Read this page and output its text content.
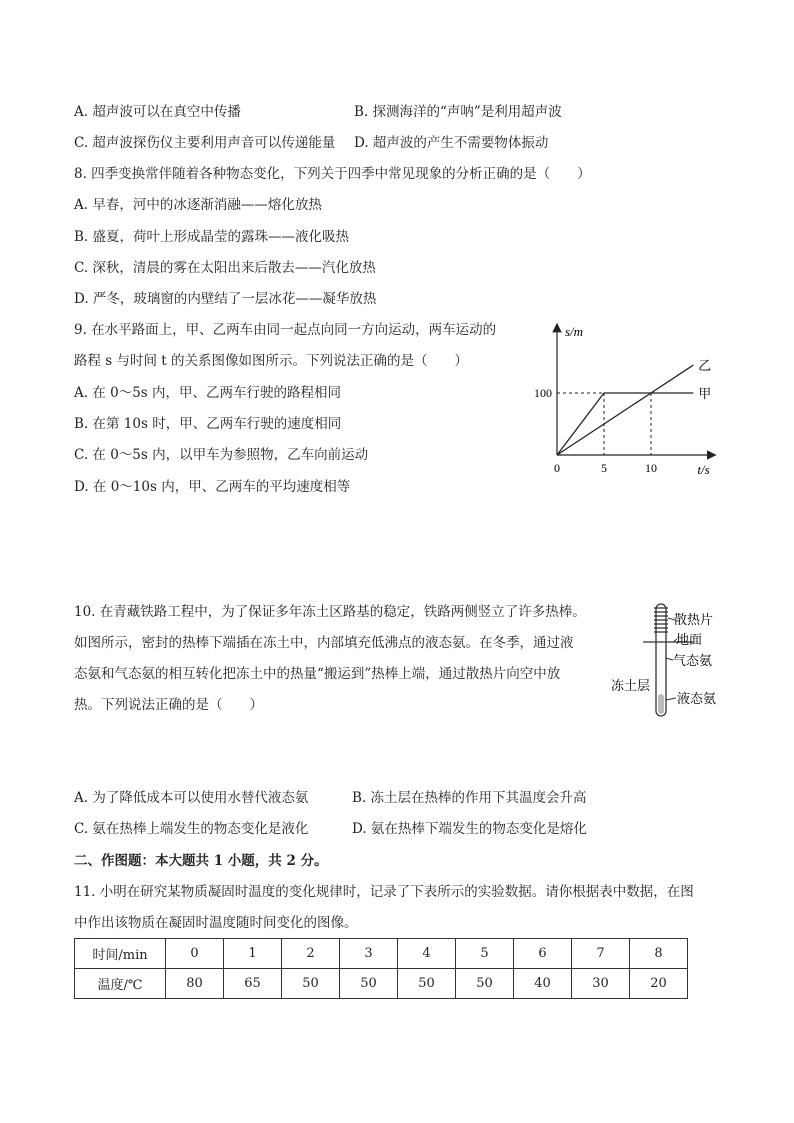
A. 超声波可以在真空中传播	B. 探测海洋的“声呐”是利用超声波
C. 超声波探伤仪主要利用声音可以传递能量 D. 超声波的产生不需要物体振动
8. 四季变换常伴随着各种物态变化，下列关于四季中常见现象的分析正确的是（　　）
A. 早春，河中的冰逐渐消融——熔化放热
B. 盛夏，荷叶上形成晶莹的露珠——液化吸热
C. 深秋，清晨的雾在太阳出来后散去——汽化放热
D. 严冬，玻璃窗的内壁结了一层冰花——凝华放热
9. 在水平路面上，甲、乙两车由同一起点向同一方向运动，两车运动的
路程 s 与时间 t 的关系图像如图所示。下列说法正确的是（　　）
A. 在 0～5s 内，甲、乙两车行驶的路程相同
B. 在第 10s 时，甲、乙两车行驶的速度相同
C. 在 0～5s 内，以甲车为参照物，乙车向前运动
D. 在 0～10s 内，甲、乙两车的平均速度相等
s/m
t/s
0	5	10
100	甲
乙
10. 在青藏铁路工程中，为了保证多年冻土区路基的稳定，铁路两侧竖立了许多热棒。
如图所示，密封的热棒下端插在冻土中，内部填充低沸点的液态氨。在冬季，通过液
态氨和气态氨的相互转化把冻土中的热量“搬运到”热棒上端，通过散热片向空中放
热。下列说法正确的是（　　）
散热片
地面
气态氨
冻土层
液态氨
A. 为了降低成本可以使用水替代液态氨	B. 冻土层在热棒的作用下其温度会升高
C. 氨在热棒上端发生的物态变化是液化	D. 氨在热棒下端发生的物态变化是熔化
二、作图题：本大题共 1 小题，共 2 分。
11. 小明在研究某物质凝固时温度的变化规律时，记录了下表所示的实验数据。请你根据表中数据，在图
中作出该物质在凝固时温度随时间变化的图像。
时间/min	0	1	2	3	4	5	6	7	8
温度/℃	80	65	50	50	50	50	40	30	20
